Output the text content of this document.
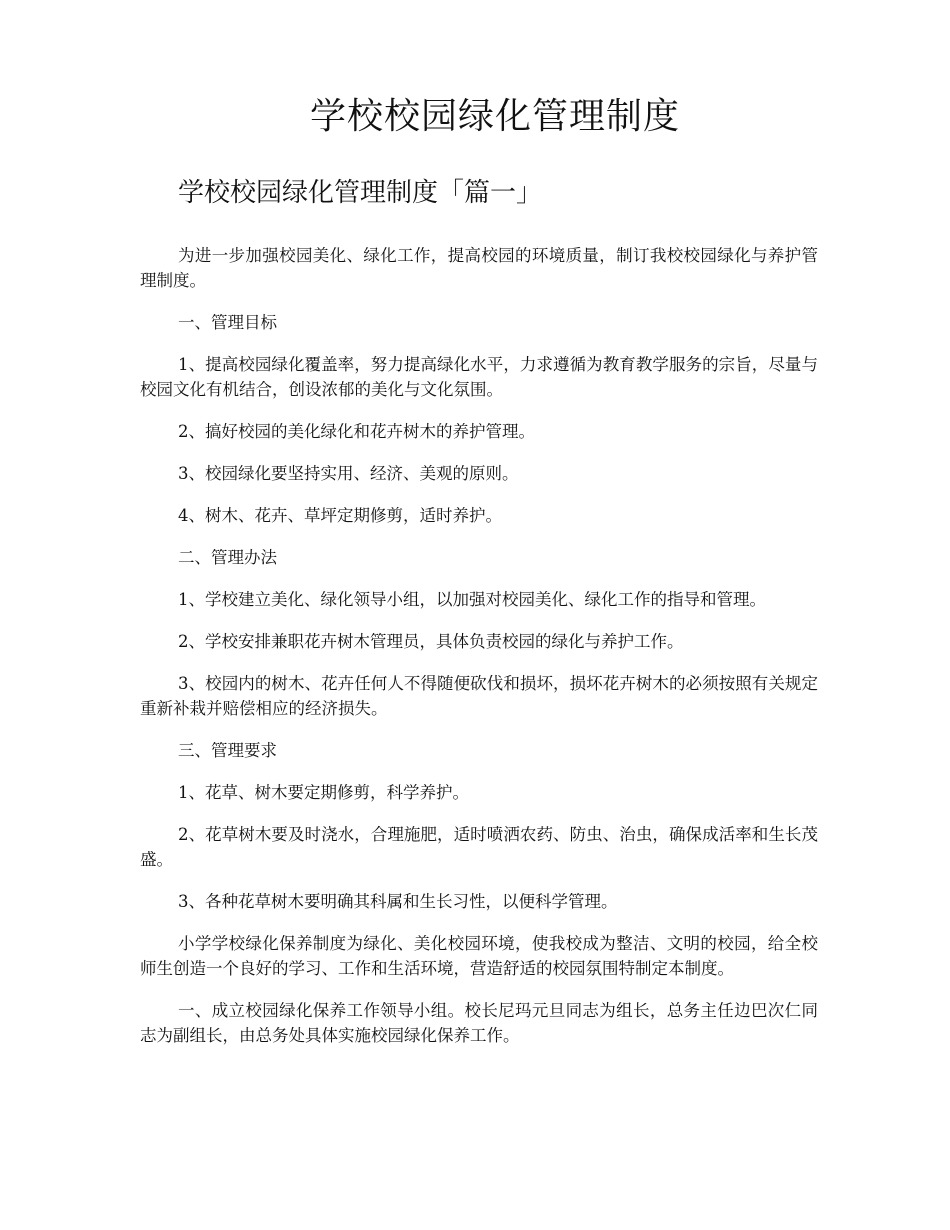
学校校园绿化管理制度
学校校园绿化管理制度「篇一」

为进一步加强校园美化、绿化工作，提高校园的环境质量，制订我校校园绿化与养护管理制度。

一、管理目标

1、提高校园绿化覆盖率，努力提高绿化水平，力求遵循为教育教学服务的宗旨，尽量与校园文化有机结合，创设浓郁的美化与文化氛围。

2、搞好校园的美化绿化和花卉树木的养护管理。

3、校园绿化要坚持实用、经济、美观的原则。

4、树木、花卉、草坪定期修剪，适时养护。

二、管理办法

1、学校建立美化、绿化领导小组，以加强对校园美化、绿化工作的指导和管理。

2、学校安排兼职花卉树木管理员，具体负责校园的绿化与养护工作。

3、校园内的树木、花卉任何人不得随便砍伐和损坏，损坏花卉树木的必须按照有关规定重新补栽并赔偿相应的经济损失。

三、管理要求

1、花草、树木要定期修剪，科学养护。

2、花草树木要及时浇水，合理施肥，适时喷洒农药、防虫、治虫，确保成活率和生长茂盛。

3、各种花草树木要明确其科属和生长习性，以便科学管理。

小学学校绿化保养制度为绿化、美化校园环境，使我校成为整洁、文明的校园，给全校师生创造一个良好的学习、工作和生活环境，营造舒适的校园氛围特制定本制度。

一、成立校园绿化保养工作领导小组。校长尼玛元旦同志为组长，总务主任边巴次仁同志为副组长，由总务处具体实施校园绿化保养工作。
